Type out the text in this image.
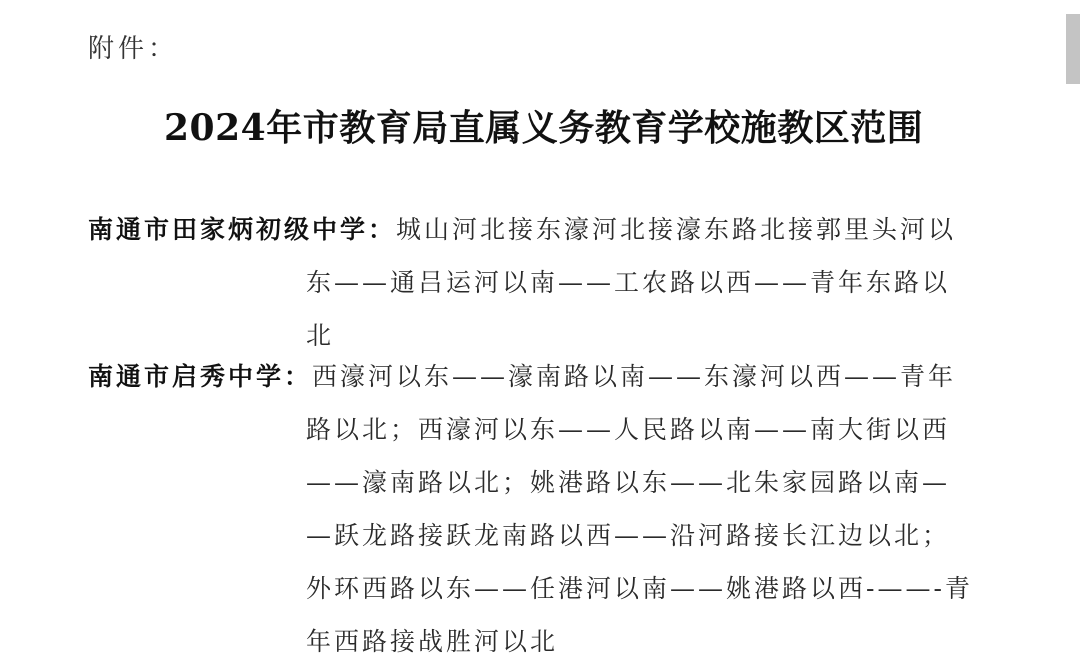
附件：
2024年市教育局直属义务教育学校施教区范围
南通市田家炳初级中学：城山河北接东濠河北接濠东路北接郭里头河以
东——通吕运河以南——工农路以西——青年东路以
北
南通市启秀中学：西濠河以东——濠南路以南——东濠河以西——青年
路以北；西濠河以东——人民路以南——南大街以西
——濠南路以北；姚港路以东——北朱家园路以南—
—跃龙路接跃龙南路以西——沿河路接长江边以北；
外环西路以东——任港河以南——姚港路以西-——-青
年西路接战胜河以北
